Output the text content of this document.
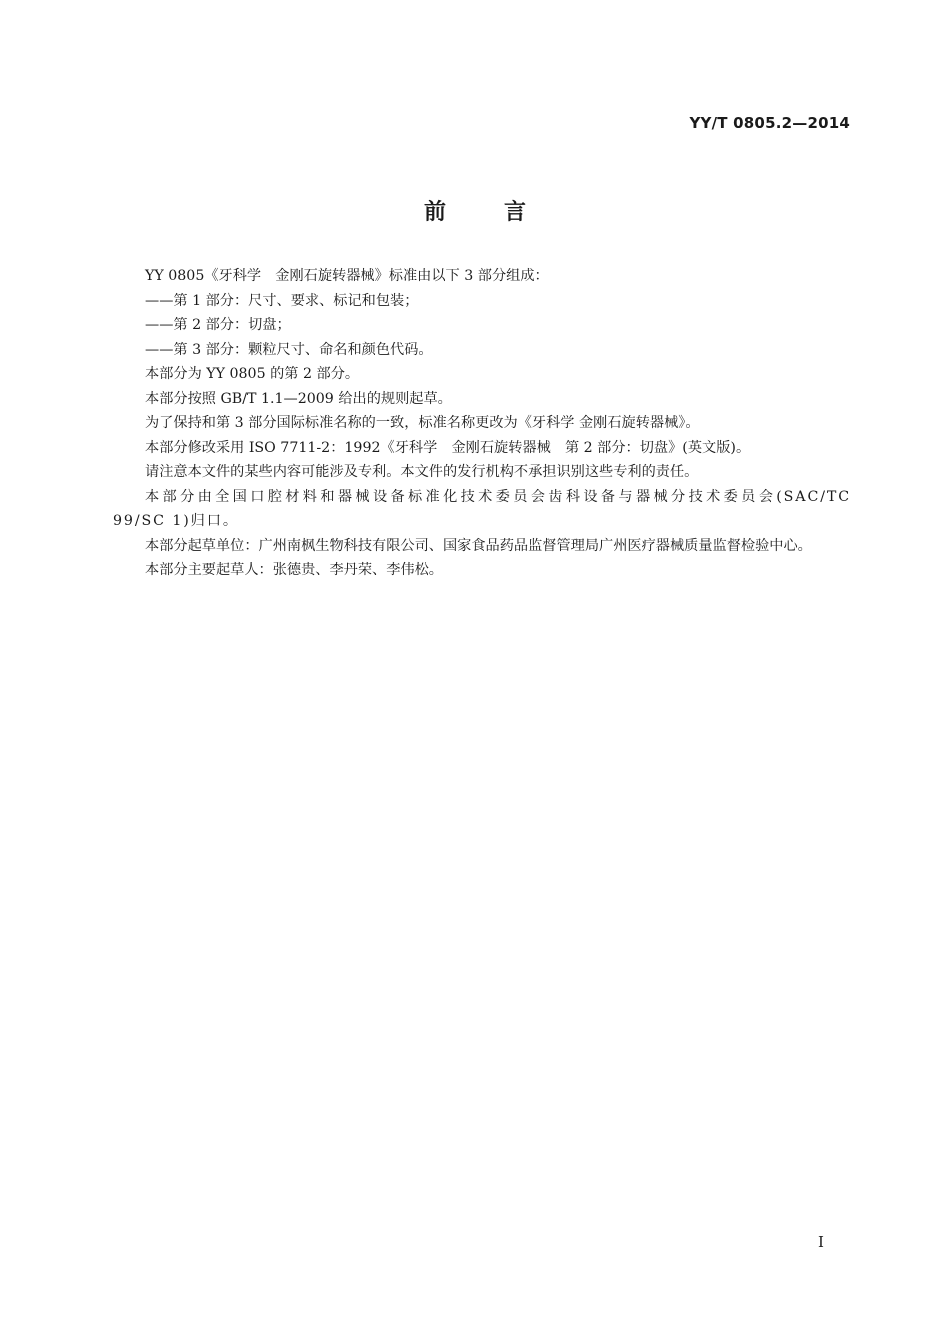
YY/T 0805.2—2014
前	言

YY 0805《牙科学　金刚石旋转器械》标准由以下 3 部分组成：

——第 1 部分：尺寸、要求、标记和包装；

——第 2 部分：切盘；

——第 3 部分：颗粒尺寸、命名和颜色代码。

本部分为 YY 0805 的第 2 部分。

本部分按照 GB/T 1.1—2009 给出的规则起草。

为了保持和第 3 部分国际标准名称的一致，标准名称更改为《牙科学 金刚石旋转器械》。

本部分修改采用 ISO 7711-2：1992《牙科学　金刚石旋转器械　第 2 部分：切盘》(英文版)。

请注意本文件的某些内容可能涉及专利。本文件的发行机构不承担识别这些专利的责任。

本部分由全国口腔材料和器械设备标准化技术委员会齿科设备与器械分技术委员会(SAC/TC 99/SC 1)归口。

本部分起草单位：广州南枫生物科技有限公司、国家食品药品监督管理局广州医疗器械质量监督检验中心。

本部分主要起草人：张德贵、李丹荣、李伟松。

I
